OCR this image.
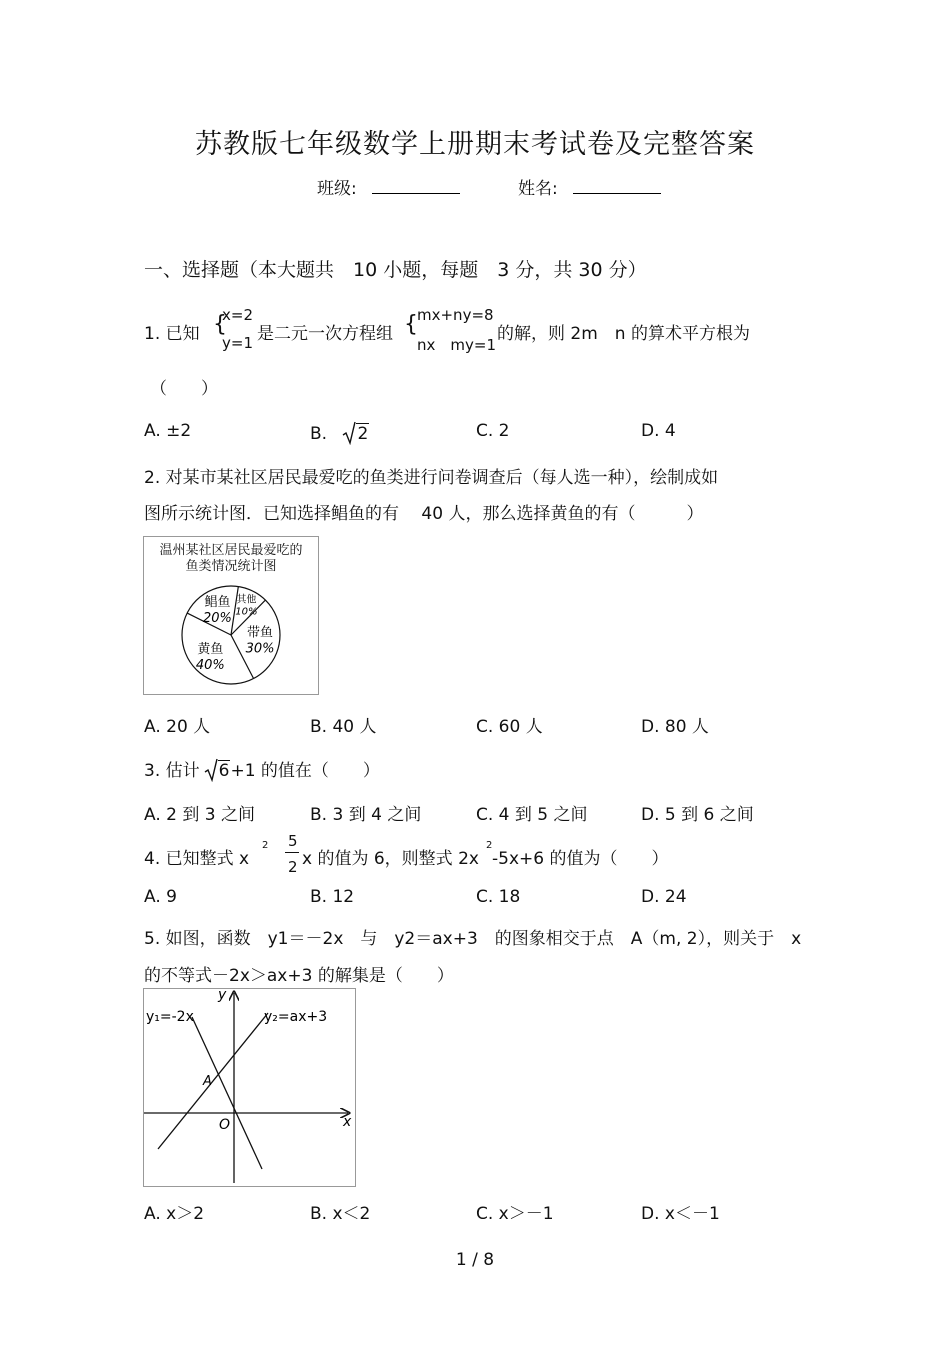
苏教版七年级数学上册期末考试卷及完整答案
班级:	姓名:
一、选择题（本大题共　10 小题，每题　3 分，共 30 分）
1. 已知 {
x=2
y=1 是二元一次方程组 { mx+ny=8
nx　my=1
的解，则 2m　n 的算术平方根为
（　　）
A. ±2	B. 2	C. 2	D. 4
2. 对某市某社区居民最爱吃的鱼类进行问卷调查后（每人选一种），绘制成如
图所示统计图．已知选择鲳鱼的有　 40 人，那么选择黄鱼的有（　　　）
温州某社区居民最爱吃的
鱼类情况统计图
其他
10%
带鱼
30%
黄鱼
40%
鲳鱼
20%
A. 20 人	B. 40 人	C. 60 人	D. 80 人
3. 估计 6+1 的值在（　　）
A. 2 到 3 之间	B. 3 到 4 之间	C. 4 到 5 之间	D. 5 到 6 之间
4. 已知整式 x
2 5
2 x 的值为 6，则整式 2x
2
-5x+6 的值为（　　）
A. 9	B. 12	C. 18	D. 24
5. 如图，函数　y1＝－2x　与　y2＝ax+3　的图象相交于点　A（m, 2），则关于　x
的不等式－2x＞ax+3 的解集是（　　）
y₁=-2x	y₂=ax+3
y
x
O
A
A. x＞2	B. x＜2	C. x＞－1	D. x＜－1
1 / 8
